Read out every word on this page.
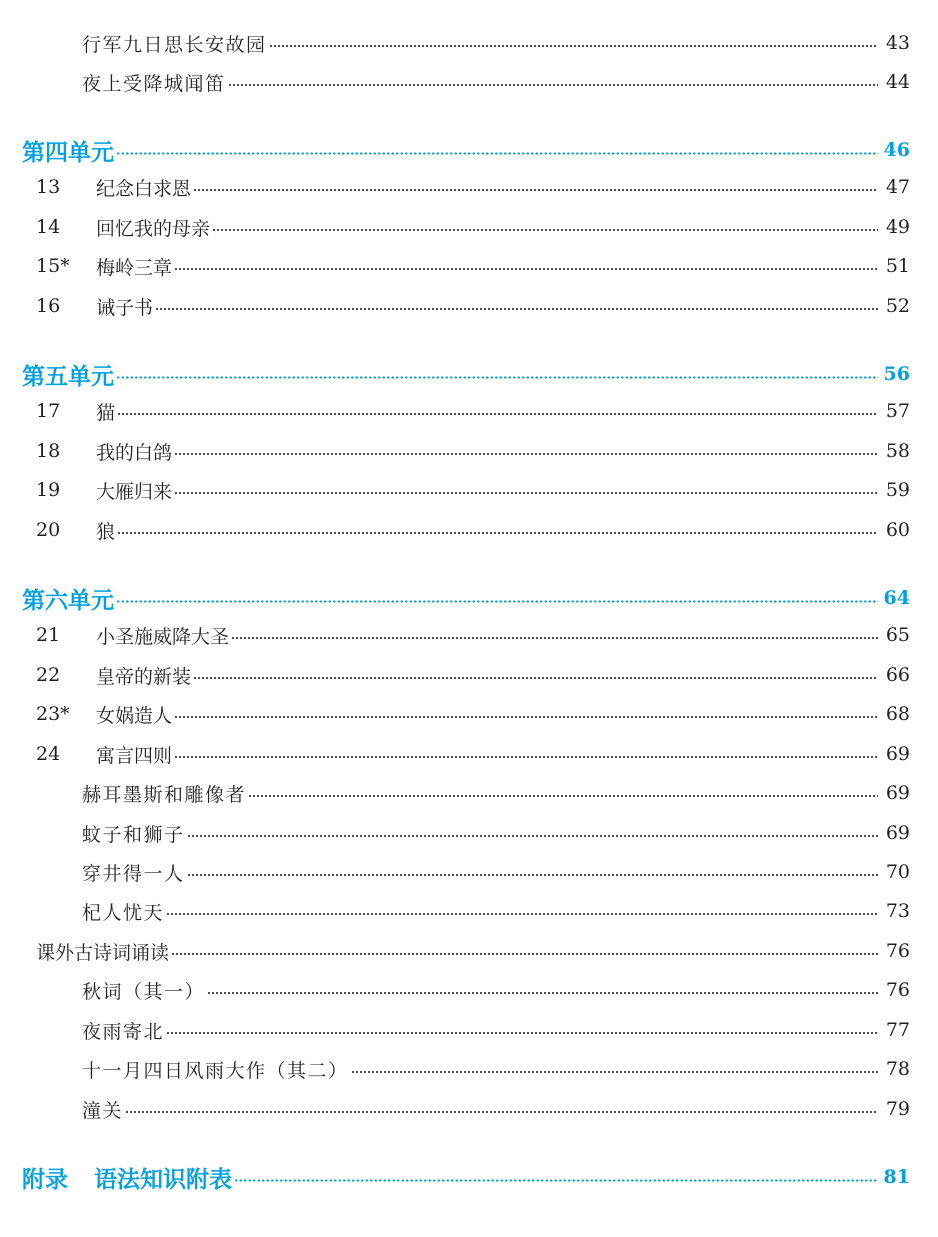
行军九日思长安故园	43
夜上受降城闻笛	44
第四单元	46
13	纪念白求恩	47
14	回忆我的母亲	49
15*	梅岭三章	51
16	诫子书	52
第五单元	56
17	猫	57
18	我的白鸽	58
19	大雁归来	59
20	狼	60
第六单元	64
21	小圣施威降大圣	65
22	皇帝的新装	66
23*	女娲造人	68
24	寓言四则	69
赫耳墨斯和雕像者	69
蚊子和狮子	69
穿井得一人	70
杞人忧天	73
课外古诗词诵读	76
秋词（其一）	76
夜雨寄北	77
十一月四日风雨大作（其二）	78
潼关	79
附录 语法知识附表	81
